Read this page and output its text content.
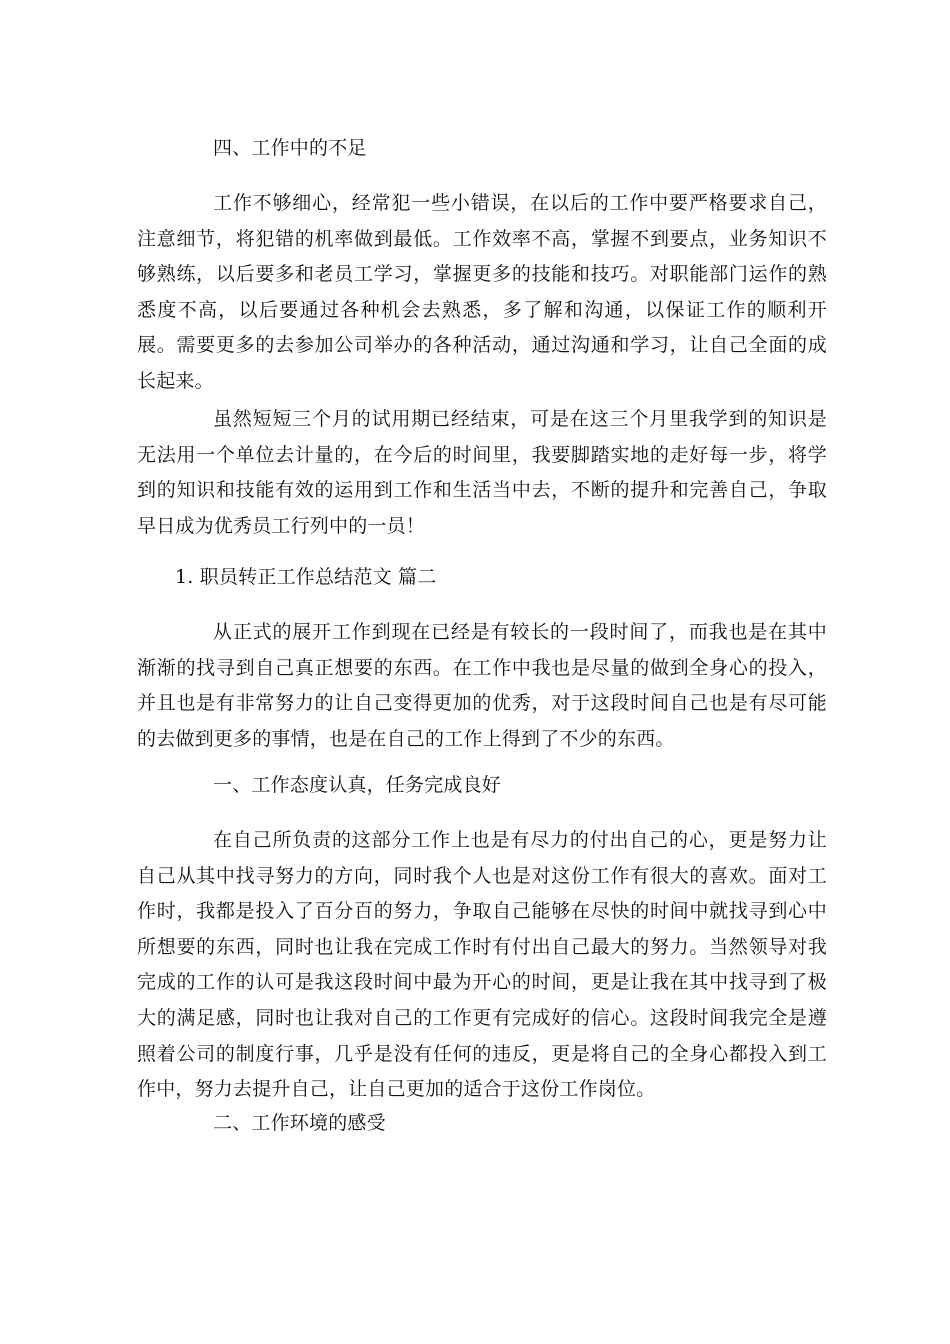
四、工作中的不足
工作不够细心，经常犯一些小错误，在以后的工作中要严格要求自己，注意细节，将犯错的机率做到最低。工作效率不高，掌握不到要点，业务知识不够熟练，以后要多和老员工学习，掌握更多的技能和技巧。对职能部门运作的熟悉度不高，以后要通过各种机会去熟悉，多了解和沟通，以保证工作的顺利开展。需要更多的去参加公司举办的各种活动，通过沟通和学习，让自己全面的成长起来。
虽然短短三个月的试用期已经结束，可是在这三个月里我学到的知识是无法用一个单位去计量的，在今后的时间里，我要脚踏实地的走好每一步，将学到的知识和技能有效的运用到工作和生活当中去，不断的提升和完善自己，争取早日成为优秀员工行列中的一员！
1. 职员转正工作总结范文 篇二
从正式的展开工作到现在已经是有较长的一段时间了，而我也是在其中渐渐的找寻到自己真正想要的东西。在工作中我也是尽量的做到全身心的投入，并且也是有非常努力的让自己变得更加的优秀，对于这段时间自己也是有尽可能的去做到更多的事情，也是在自己的工作上得到了不少的东西。
一、工作态度认真，任务完成良好
在自己所负责的这部分工作上也是有尽力的付出自己的心，更是努力让自己从其中找寻努力的方向，同时我个人也是对这份工作有很大的喜欢。面对工作时，我都是投入了百分百的努力，争取自己能够在尽快的时间中就找寻到心中所想要的东西，同时也让我在完成工作时有付出自己最大的努力。当然领导对我完成的工作的认可是我这段时间中最为开心的时间，更是让我在其中找寻到了极大的满足感，同时也让我对自己的工作更有完成好的信心。这段时间我完全是遵照着公司的制度行事，几乎是没有任何的违反，更是将自己的全身心都投入到工作中，努力去提升自己，让自己更加的适合于这份工作岗位。
二、工作环境的感受
